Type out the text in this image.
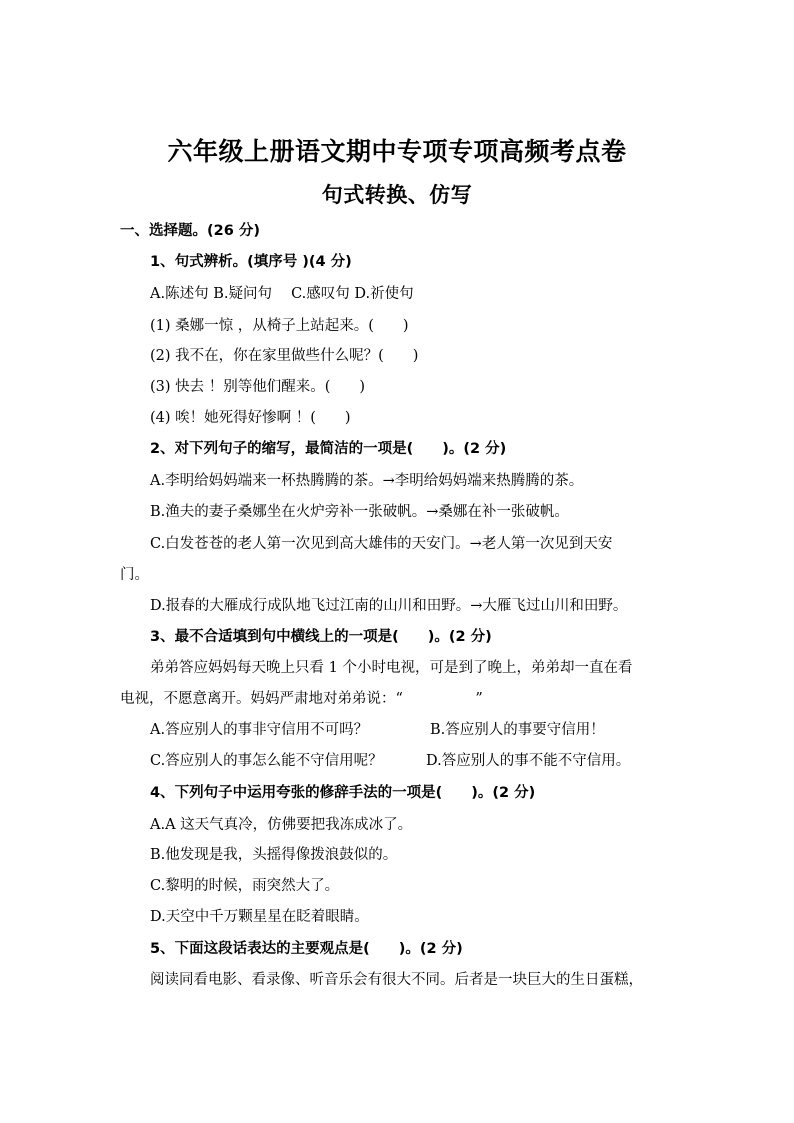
六年级上册语文期中专项专项高频考点卷
句式转换、仿写
一、选择题。(26 分)
1、句式辨析。(填序号 )(4 分)
A.陈述句 B.疑问句　 C.感叹句 D.祈使句
(1) 桑娜一惊 ，从椅子上站起来。(　　)
(2) 我不在，你在家里做些什么呢？(　　)
(3) 快去 ！别等他们醒来。(　　)
(4) 唉！她死得好惨啊 ！(　　)
2、对下列句子的缩写，最简洁的一项是(　　)。(2 分)
A.李明给妈妈端来一杯热腾腾的茶。→李明给妈妈端来热腾腾的茶。
B.渔夫的妻子桑娜坐在火炉旁补一张破帆。→桑娜在补一张破帆。
C.白发苍苍的老人第一次见到高大雄伟的天安门。→老人第一次见到天安
门。
D.报春的大雁成行成队地飞过江南的山川和田野。→大雁飞过山川和田野。
3、最不合适填到句中横线上的一项是(　　)。(2 分)
弟弟答应妈妈每天晚上只看 1 个小时电视，可是到了晚上，弟弟却一直在看
电视，不愿意离开。妈妈严肃地对弟弟说：“　　　　　”
A.答应别人的事非守信用不可吗？	B.答应别人的事要守信用！
C.答应别人的事怎么能不守信用呢？	D.答应别人的事不能不守信用。
4、下列句子中运用夸张的修辞手法的一项是(　　)。(2 分)
A.A 这天气真冷，仿佛要把我冻成冰了。
B.他发现是我，头摇得像拨浪鼓似的。
C.黎明的时候，雨突然大了。
D.天空中千万颗星星在眨着眼睛。
5、下面这段话表达的主要观点是(　　)。(2 分)
阅读同看电影、看录像、听音乐会有很大不同。后者是一块巨大的生日蛋糕，
